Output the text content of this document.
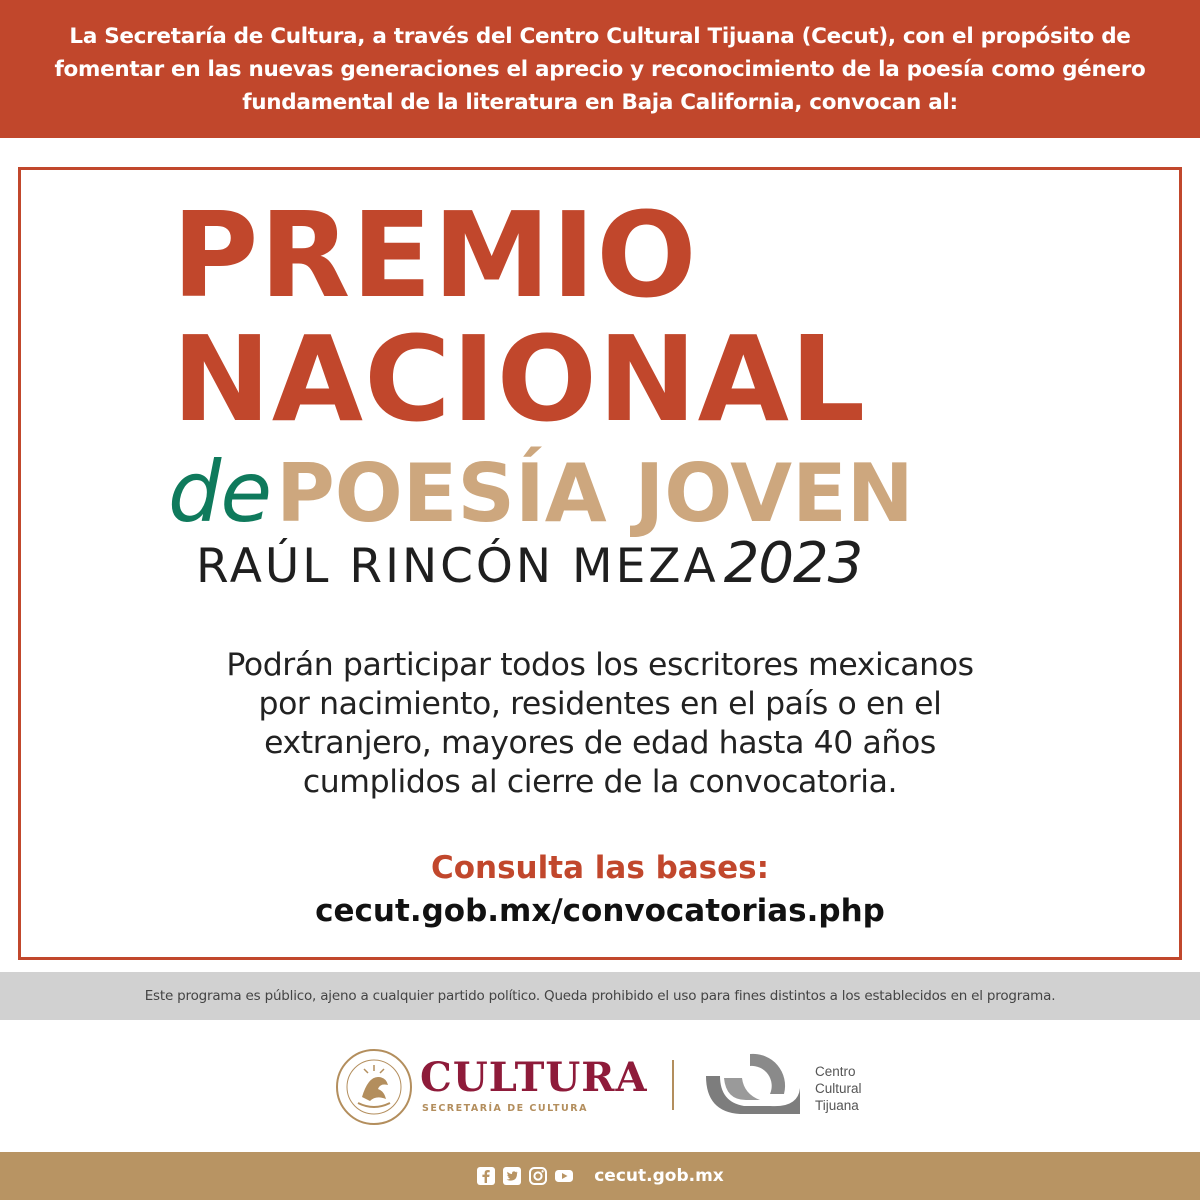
La Secretaría de Cultura, a través del Centro Cultural Tijuana (Cecut), con el propósito de
fomentar en las nuevas generaciones el aprecio y reconocimiento de la poesía como género
fundamental de la literatura en Baja California, convocan al:

PREMIO
NACIONAL
de POESÍA JOVEN
RAÚL RINCÓN MEZA 2023
Podrán participar todos los escritores mexicanos
por nacimiento, residentes en el país o en el
extranjero, mayores de edad hasta 40 años
cumplidos al cierre de la convocatoria.
Consulta las bases:
cecut.gob.mx/convocatorias.php

Este programa es público, ajeno a cualquier partido político. Queda prohibido el uso para fines distintos a los establecidos en el programa.

CULTURA
SECRETARÍA DE CULTURA
Centro
Cultural
Tijuana
cecut.gob.mx
